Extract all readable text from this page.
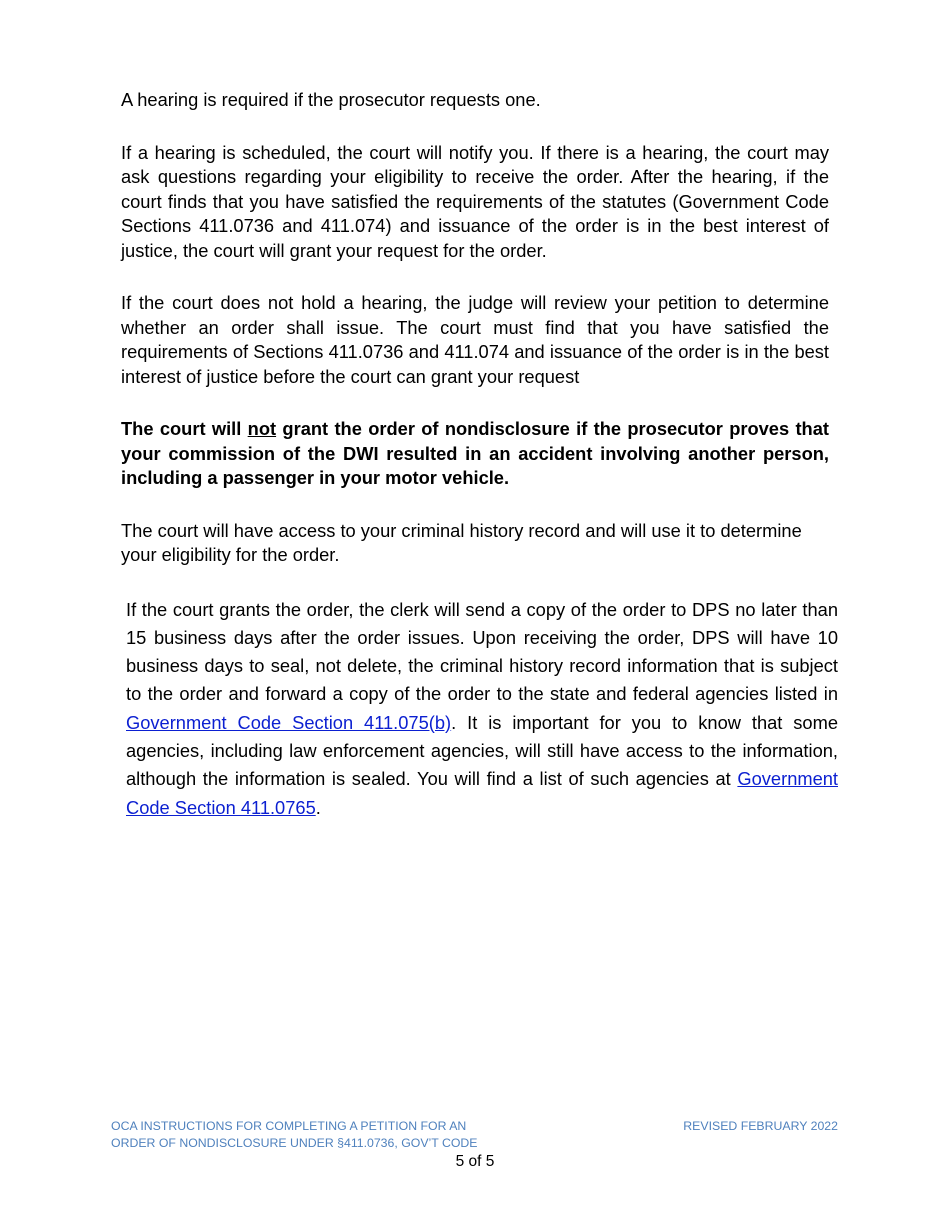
A hearing is required if the prosecutor requests one.

If a hearing is scheduled, the court will notify you. If there is a hearing, the court may ask questions regarding your eligibility to receive the order. After the hearing, if the court finds that you have satisfied the requirements of the statutes (Government Code Sections 411.0736 and 411.074) and issuance of the order is in the best interest of justice, the court will grant your request for the order.

If the court does not hold a hearing, the judge will review your petition to determine whether an order shall issue. The court must find that you have satisfied the requirements of Sections 411.0736 and 411.074 and issuance of the order is in the best interest of justice before the court can grant your request

The court will not grant the order of nondisclosure if the prosecutor proves that your commission of the DWI resulted in an accident involving another person, including a passenger in your motor vehicle.

The court will have access to your criminal history record and will use it to determine your eligibility for the order.

If the court grants the order, the clerk will send a copy of the order to DPS no later than 15 business days after the order issues. Upon receiving the order, DPS will have 10 business days to seal, not delete, the criminal history record information that is subject to the order and forward a copy of the order to the state and federal agencies listed in Government Code Section 411.075(b). It is important for you to know that some agencies, including law enforcement agencies, will still have access to the information, although the information is sealed. You will find a list of such agencies at Government Code Section 411.0765.

OCA INSTRUCTIONS FOR COMPLETING A PETITION FOR AN
ORDER OF NONDISCLOSURE UNDER §411.0736, GOV’T CODE
REVISED FEBRUARY 2022
5 of 5
